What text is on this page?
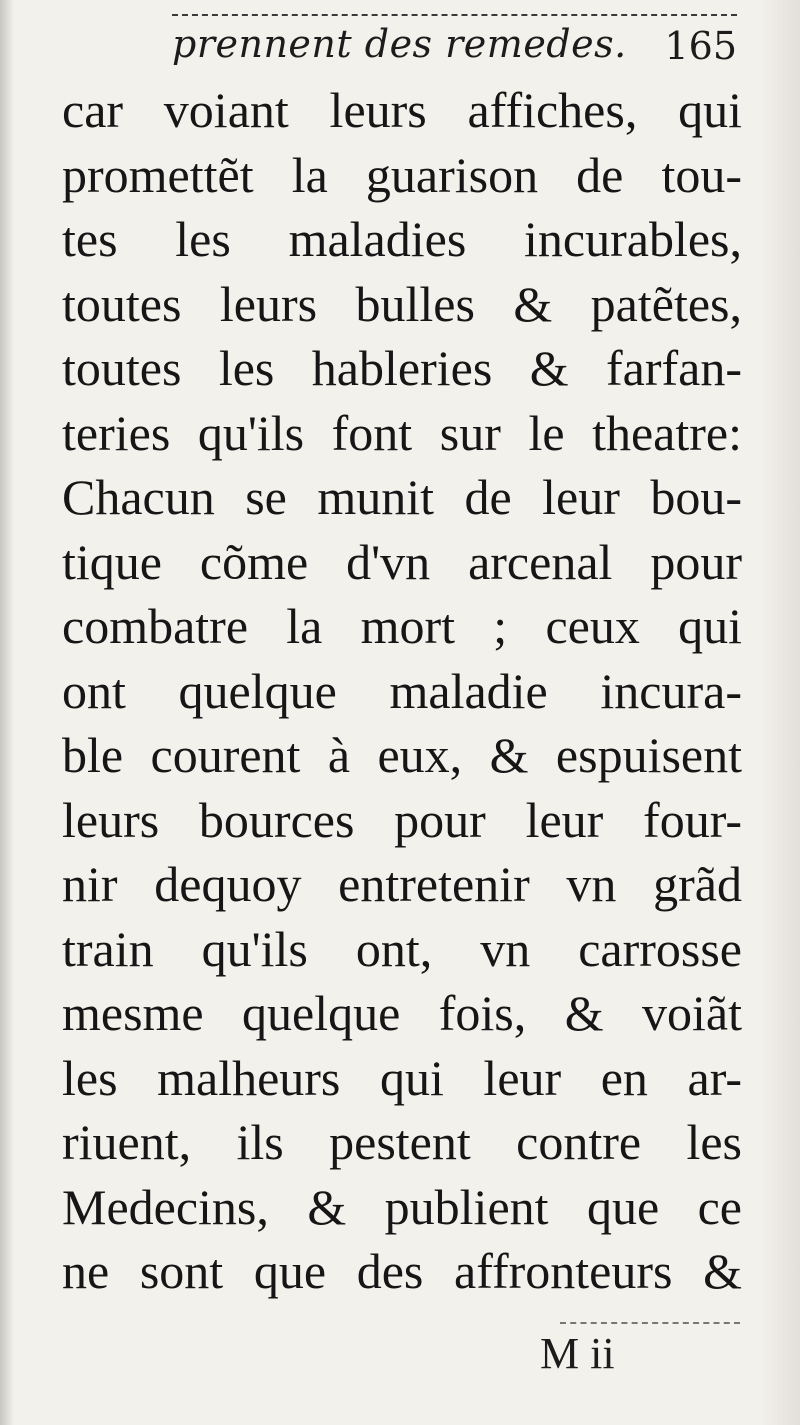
prennent des remedes. 165
car voiant leurs affiches, qui
promettẽt la guarison de tou-
tes les maladies incurables,
toutes leurs bulles & patẽtes,
toutes les hableries & farfan-
teries qu'ils font sur le theatre:
Chacun se munit de leur bou-
tique cõme d'vn arcenal pour
combatre la mort ; ceux qui
ont quelque maladie incura-
ble courent à eux, & espuisent
leurs bources pour leur four-
nir dequoy entretenir vn grãd
train qu'ils ont, vn carrosse
mesme quelque fois, & voiãt
les malheurs qui leur en ar-
riuent, ils pestent contre les
Medecins, & publient que ce
ne sont que des affronteurs &
M ii
